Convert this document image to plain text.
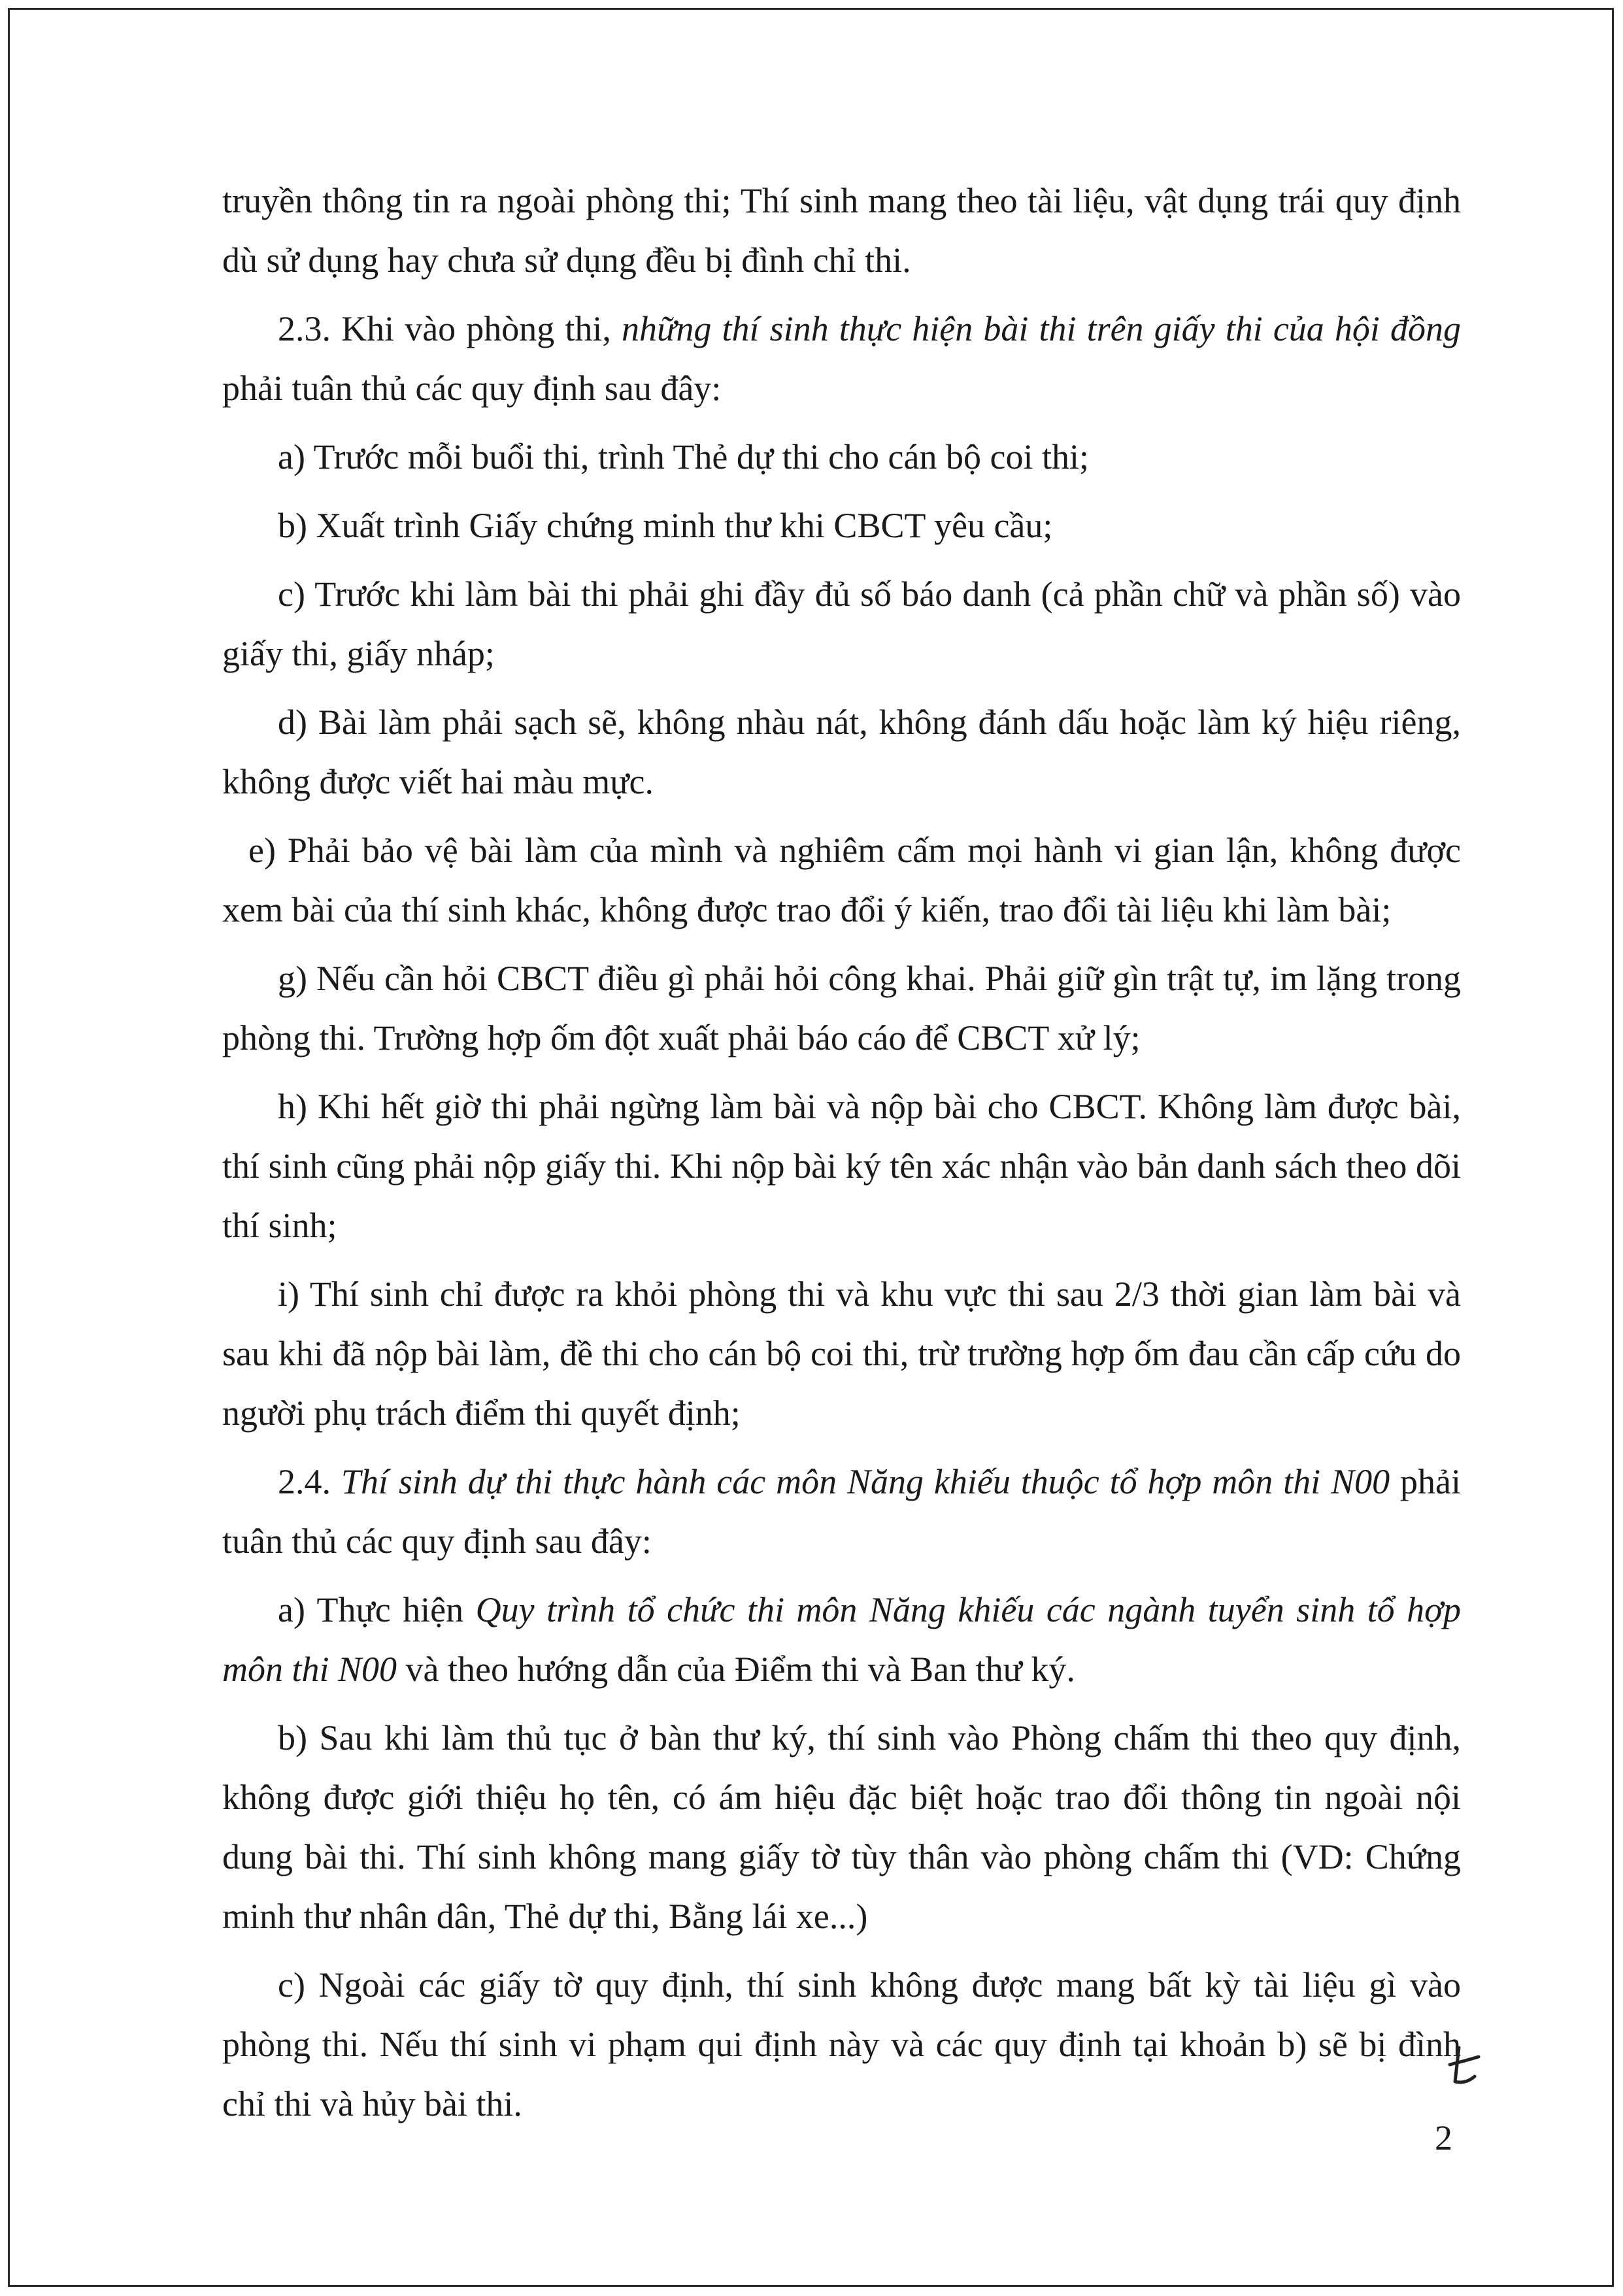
truyền thông tin ra ngoài phòng thi; Thí sinh mang theo tài liệu, vật dụng trái quy định dù sử dụng hay chưa sử dụng đều bị đình chỉ thi.

2.3. Khi vào phòng thi, những thí sinh thực hiện bài thi trên giấy thi của hội đồng phải tuân thủ các quy định sau đây:

a) Trước mỗi buổi thi, trình Thẻ dự thi cho cán bộ coi thi;

b) Xuất trình Giấy chứng minh thư khi CBCT yêu cầu;

c) Trước khi làm bài thi phải ghi đầy đủ số báo danh (cả phần chữ và phần số) vào giấy thi, giấy nháp;

d) Bài làm phải sạch sẽ, không nhàu nát, không đánh dấu hoặc làm ký hiệu riêng, không được viết hai màu mực.

e) Phải bảo vệ bài làm của mình và nghiêm cấm mọi hành vi gian lận, không được xem bài của thí sinh khác, không được trao đổi ý kiến, trao đổi tài liệu khi làm bài;

g) Nếu cần hỏi CBCT điều gì phải hỏi công khai. Phải giữ gìn trật tự, im lặng trong phòng thi. Trường hợp ốm đột xuất phải báo cáo để CBCT xử lý;

h) Khi hết giờ thi phải ngừng làm bài và nộp bài cho CBCT. Không làm được bài, thí sinh cũng phải nộp giấy thi. Khi nộp bài ký tên xác nhận vào bản danh sách theo dõi thí sinh;

i) Thí sinh chỉ được ra khỏi phòng thi và khu vực thi sau 2/3 thời gian làm bài và sau khi đã nộp bài làm, đề thi cho cán bộ coi thi, trừ trường hợp ốm đau cần cấp cứu do người phụ trách điểm thi quyết định;

2.4. Thí sinh dự thi thực hành các môn Năng khiếu thuộc tổ hợp môn thi N00 phải tuân thủ các quy định sau đây:

a) Thực hiện Quy trình tổ chức thi môn Năng khiếu các ngành tuyển sinh tổ hợp môn thi N00 và theo hướng dẫn của Điểm thi và Ban thư ký.

b) Sau khi làm thủ tục ở bàn thư ký, thí sinh vào Phòng chấm thi theo quy định, không được giới thiệu họ tên, có ám hiệu đặc biệt hoặc trao đổi thông tin ngoài nội dung bài thi. Thí sinh không mang giấy tờ tùy thân vào phòng chấm thi (VD: Chứng minh thư nhân dân, Thẻ dự thi, Bằng lái xe...)

c) Ngoài các giấy tờ quy định, thí sinh không được mang bất kỳ tài liệu gì vào phòng thi. Nếu thí sinh vi phạm qui định này và các quy định tại khoản b) sẽ bị đình chỉ thi và hủy bài thi.

2
